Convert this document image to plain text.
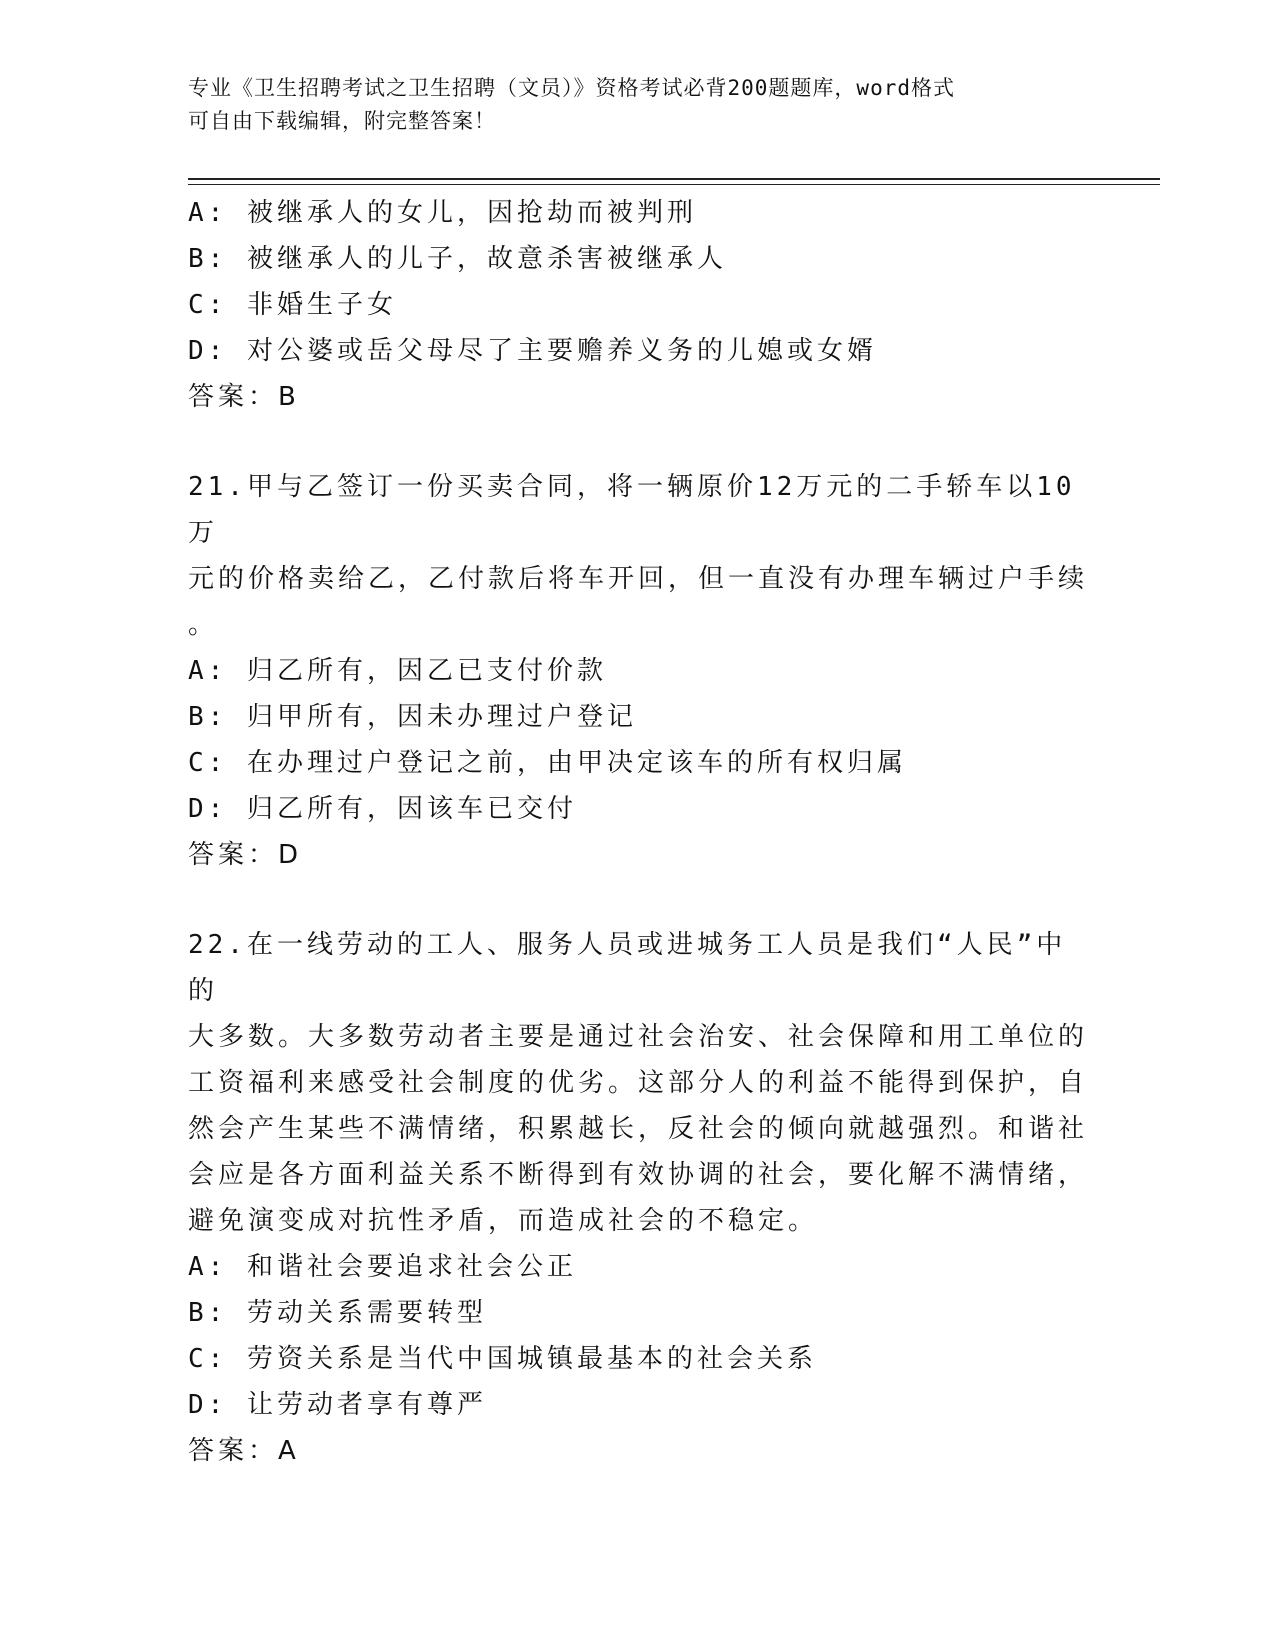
专业《卫生招聘考试之卫生招聘（文员）》资格考试必背200题题库，word格式
可自由下载编辑，附完整答案！
A: 被继承人的女儿，因抢劫而被判刑
B: 被继承人的儿子，故意杀害被继承人
C: 非婚生子女
D: 对公婆或岳父母尽了主要赡养义务的儿媳或女婿
答案：B
21.甲与乙签订一份买卖合同，将一辆原价12万元的二手轿车以10万
元的价格卖给乙，乙付款后将车开回，但一直没有办理车辆过户手续
。
A: 归乙所有，因乙已支付价款
B: 归甲所有，因未办理过户登记
C: 在办理过户登记之前，由甲决定该车的所有权归属
D: 归乙所有，因该车已交付
答案：D
22.在一线劳动的工人、服务人员或进城务工人员是我们“人民”中的
大多数。大多数劳动者主要是通过社会治安、社会保障和用工单位的
工资福利来感受社会制度的优劣。这部分人的利益不能得到保护，自
然会产生某些不满情绪，积累越长，反社会的倾向就越强烈。和谐社
会应是各方面利益关系不断得到有效协调的社会，要化解不满情绪，
避免演变成对抗性矛盾，而造成社会的不稳定。
A: 和谐社会要追求社会公正
B: 劳动关系需要转型
C: 劳资关系是当代中国城镇最基本的社会关系
D: 让劳动者享有尊严
答案：A
